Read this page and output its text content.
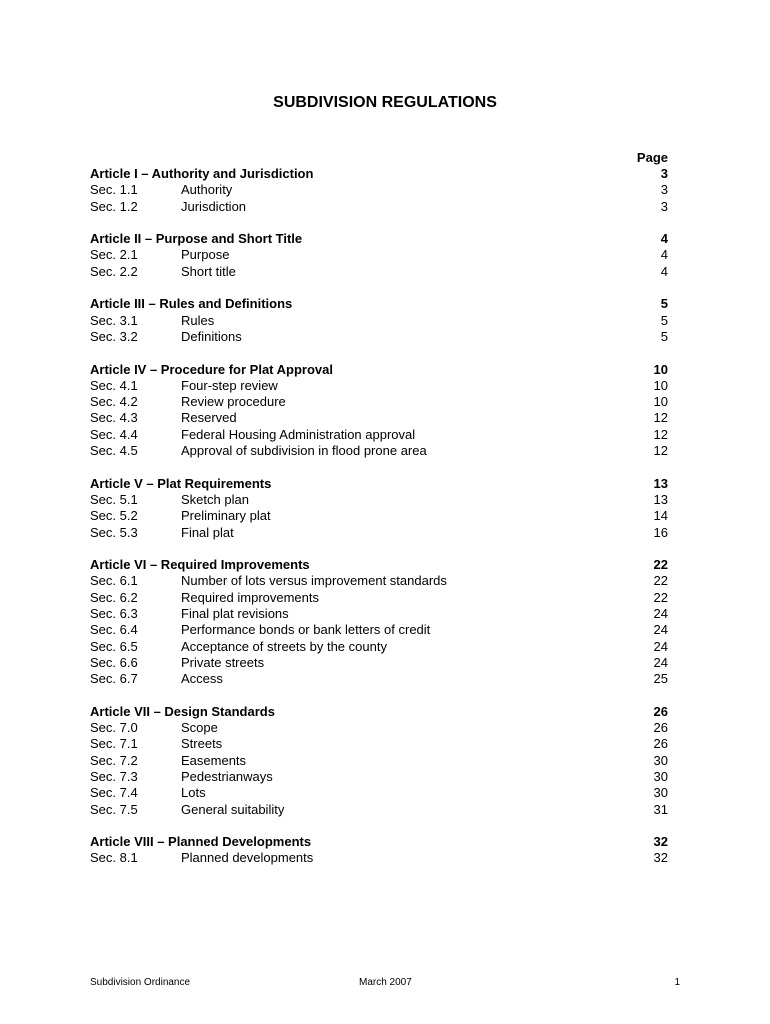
SUBDIVISION REGULATIONS
Page
Article I – Authority and Jurisdiction	3
Sec. 1.1	Authority	3
Sec. 1.2	Jurisdiction	3
Article II – Purpose and Short Title	4
Sec. 2.1	Purpose	4
Sec. 2.2	Short title	4
Article III – Rules and Definitions	5
Sec. 3.1	Rules	5
Sec. 3.2	Definitions	5
Article IV – Procedure for Plat Approval	10
Sec. 4.1	Four-step review	10
Sec. 4.2	Review procedure	10
Sec. 4.3	Reserved	12
Sec. 4.4	Federal Housing Administration approval	12
Sec. 4.5	Approval of subdivision in flood prone area	12
Article V – Plat Requirements	13
Sec. 5.1	Sketch plan	13
Sec. 5.2	Preliminary plat	14
Sec. 5.3	Final plat	16
Article VI – Required Improvements	22
Sec. 6.1	Number of lots versus improvement standards	22
Sec. 6.2	Required improvements	22
Sec. 6.3	Final plat revisions	24
Sec. 6.4	Performance bonds or bank letters of credit	24
Sec. 6.5	Acceptance of streets by the county	24
Sec. 6.6	Private streets	24
Sec. 6.7	Access	25
Article VII – Design Standards	26
Sec. 7.0	Scope	26
Sec. 7.1	Streets	26
Sec. 7.2	Easements	30
Sec. 7.3	Pedestrianways	30
Sec. 7.4	Lots	30
Sec. 7.5	General suitability	31
Article VIII – Planned Developments	32
Sec. 8.1	Planned developments	32
Subdivision Ordinance	March 2007	1
